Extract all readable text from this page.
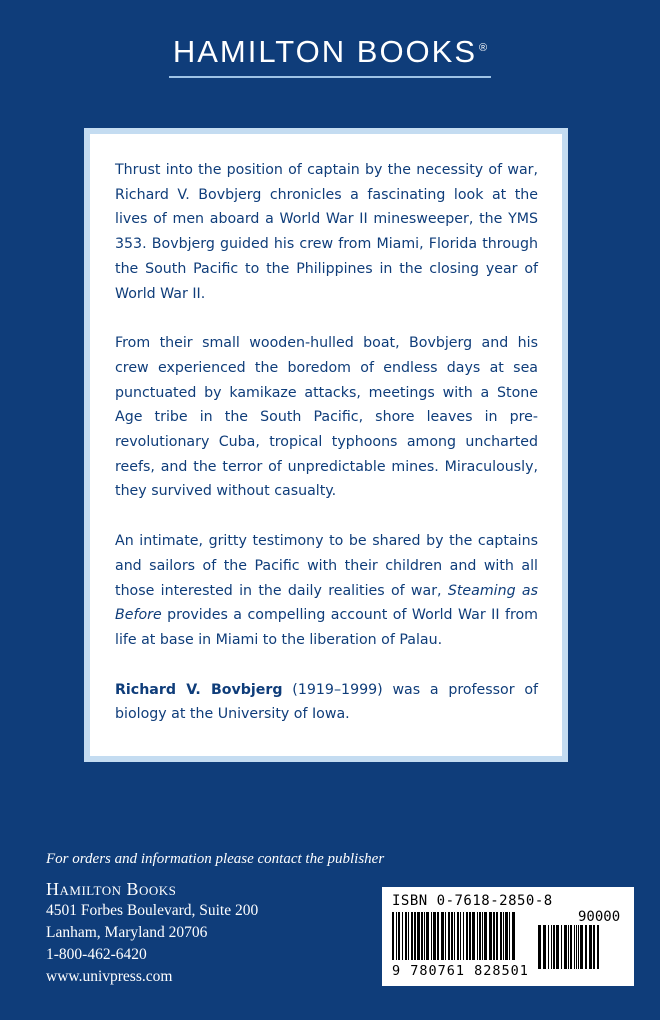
HAMILTON BOOKS ®

Thrust into the position of captain by the necessity of war, Richard V. Bovbjerg chronicles a fascinating look at the lives of men aboard a World War II minesweeper, the YMS 353. Bovbjerg guided his crew from Miami, Florida through the South Pacific to the Philippines in the closing year of World War II.

From their small wooden-hulled boat, Bovbjerg and his crew experienced the boredom of endless days at sea punctuated by kamikaze attacks, meetings with a Stone Age tribe in the South Pacific, shore leaves in pre-revolutionary Cuba, tropical typhoons among uncharted reefs, and the terror of unpredictable mines. Miraculously, they survived without casualty.

An intimate, gritty testimony to be shared by the captains and sailors of the Pacific with their children and with all those interested in the daily realities of war, Steaming as Before provides a compelling account of World War II from life at base in Miami to the liberation of Palau.

Richard V. Bovbjerg (1919–1999) was a professor of biology at the University of Iowa.

For orders and information please contact the publisher
Hamilton Books
4501 Forbes Boulevard, Suite 200
Lanham, Maryland 20706
1-800-462-6420
www.univpress.com
ISBN 0-7618-2850-8
90000
9 780761 828501
